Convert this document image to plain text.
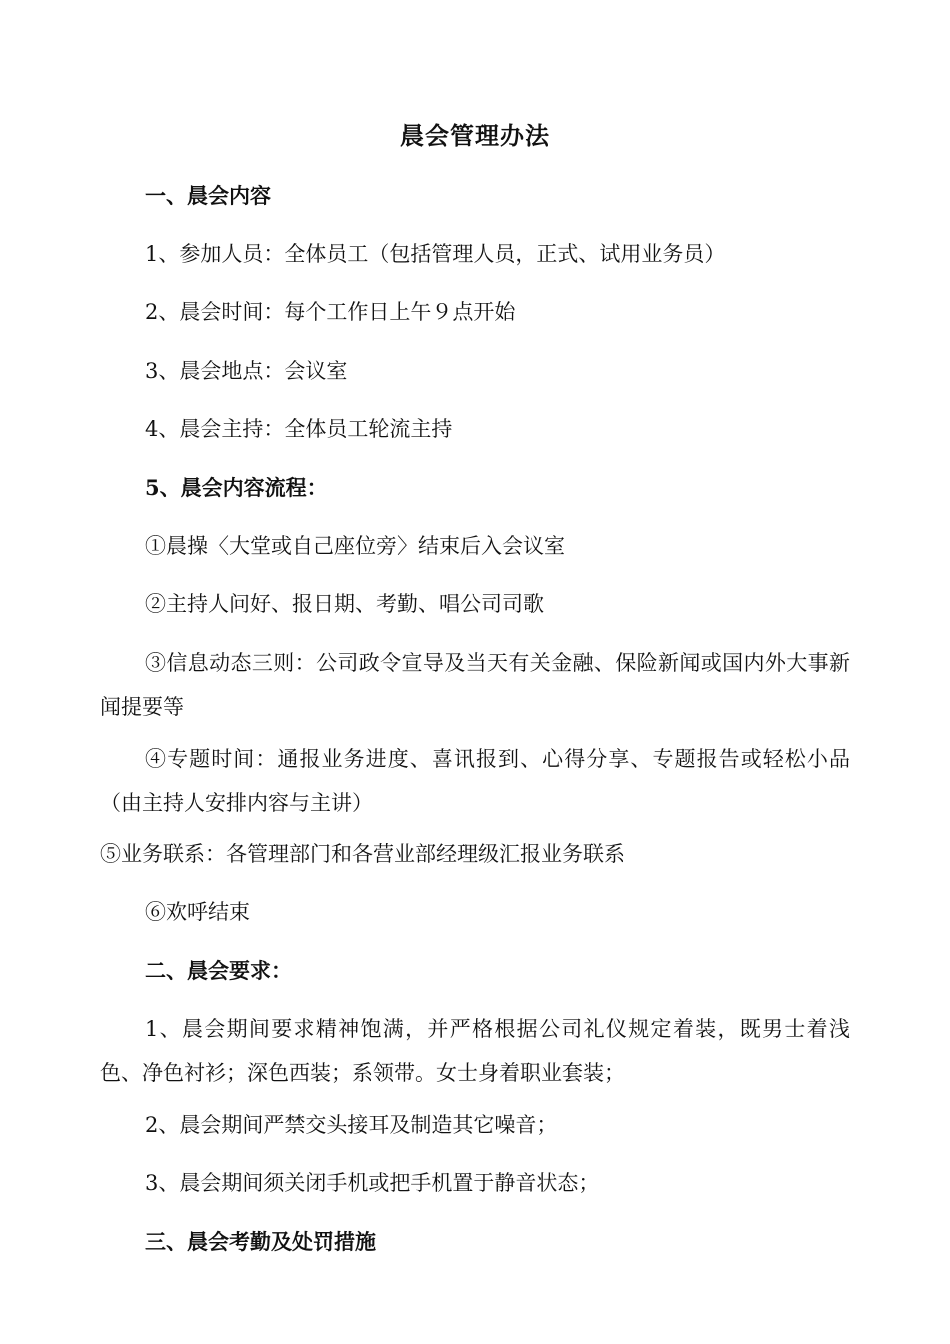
晨会管理办法
一、晨会内容
1、参加人员：全体员工（包括管理人员，正式、试用业务员）
2、晨会时间：每个工作日上午９点开始
3、晨会地点：会议室
4、晨会主持：全体员工轮流主持
5、晨会内容流程：
①晨操〈大堂或自己座位旁〉结束后入会议室
②主持人问好、报日期、考勤、唱公司司歌
③信息动态三则：公司政令宣导及当天有关金融、保险新闻或国内外大事新闻提要等
④专题时间：通报业务进度、喜讯报到、心得分享、专题报告或轻松小品（由主持人安排内容与主讲）
⑤业务联系：各管理部门和各营业部经理级汇报业务联系
⑥欢呼结束
二、晨会要求：
1、晨会期间要求精神饱满，并严格根据公司礼仪规定着装，既男士着浅色、净色衬衫；深色西装；系领带。女士身着职业套装；
2、晨会期间严禁交头接耳及制造其它噪音；
3、晨会期间须关闭手机或把手机置于静音状态；
三、晨会考勤及处罚措施
